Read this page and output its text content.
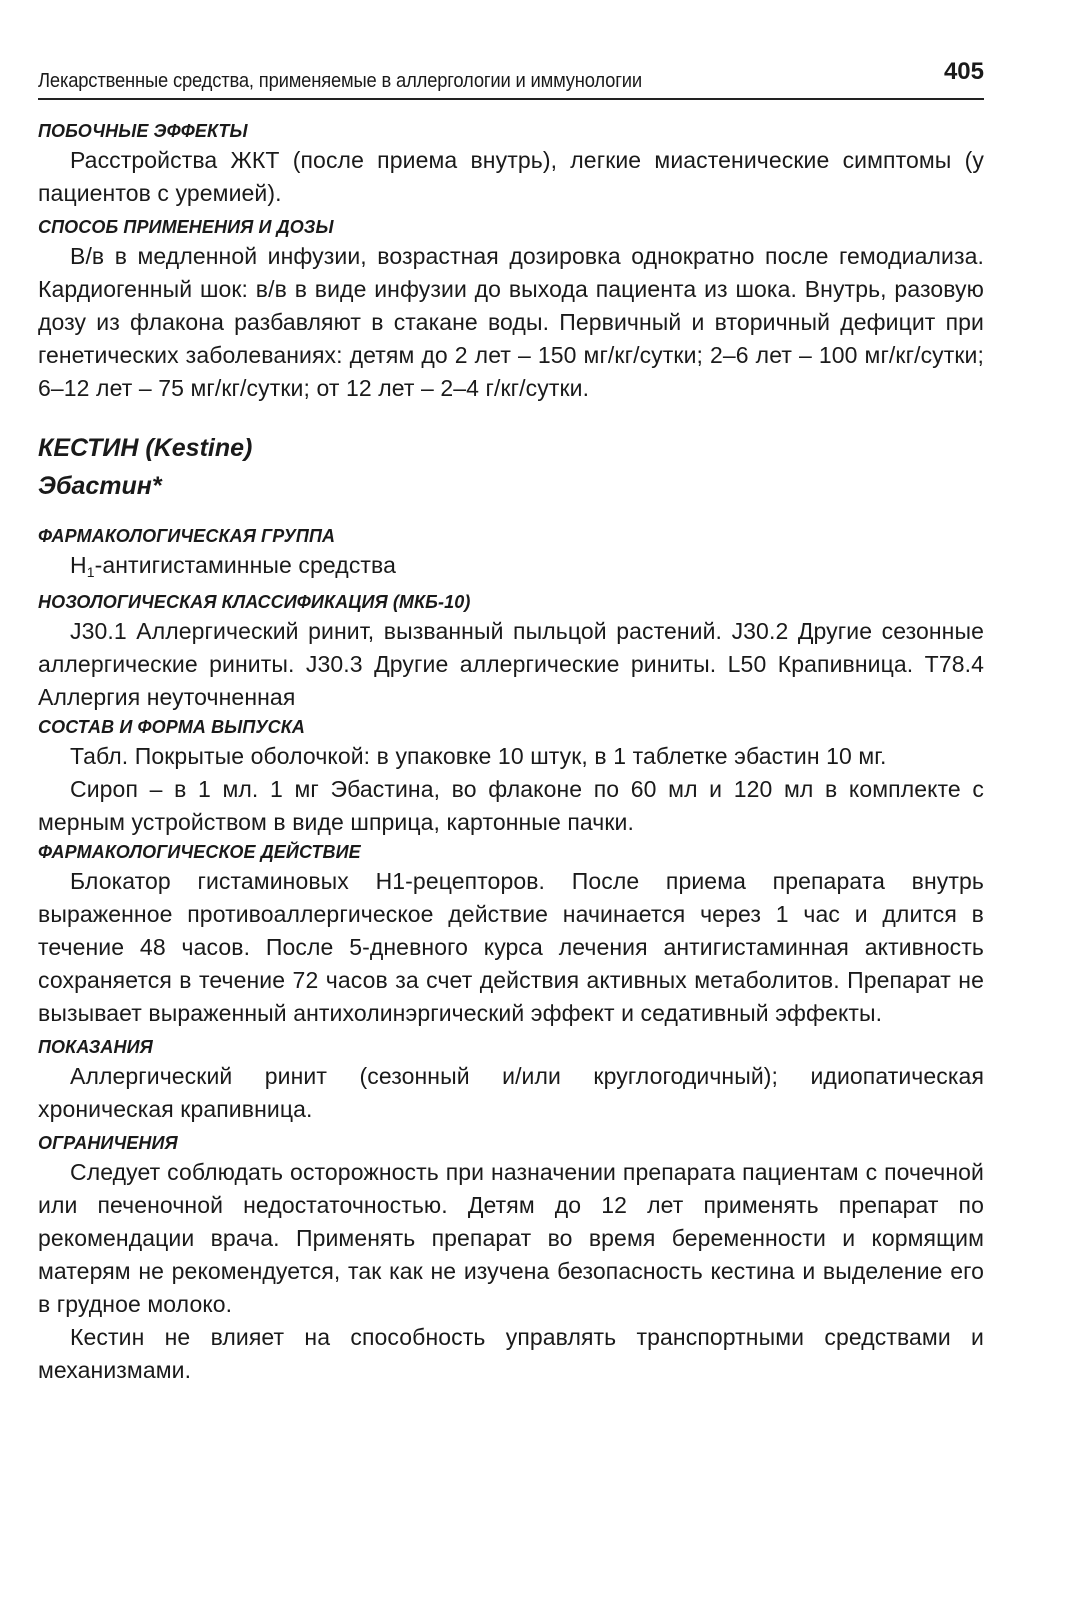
Лекарственные средства, применяемые в аллергологии и иммунологии	405
ПОБОЧНЫЕ ЭФФЕКТЫ

Расстройства ЖКТ (после приема внутрь), легкие миастенические симптомы (у пациентов с уремией).

СПОСОБ ПРИМЕНЕНИЯ И ДОЗЫ

В/в в медленной инфузии, возрастная дозировка однократно после гемодиализа. Кардиогенный шок: в/в в виде инфузии до выхода пациента из шока. Внутрь, разовую дозу из флакона разбавляют в стакане воды. Первичный и вторичный дефицит при генетических заболеваниях: детям до 2 лет – 150 мг/кг/сутки; 2–6 лет – 100 мг/кг/сутки; 6–12 лет – 75 мг/кг/сутки; от 12 лет – 2–4 г/кг/сутки.

КЕСТИН (Kestine)
Эбастин*
ФАРМАКОЛОГИЧЕСКАЯ ГРУППА

$H_1$-антигистаминные средства

НОЗОЛОГИЧЕСКАЯ КЛАССИФИКАЦИЯ (МКБ-10)

J30.1 Аллергический ринит, вызванный пыльцой растений. J30.2 Другие сезонные аллергические риниты. J30.3 Другие аллергические риниты. L50 Крапивница. T78.4 Аллергия неуточненная

СОСТАВ И ФОРМА ВЫПУСКА

Табл. Покрытые оболочкой: в упаковке 10 штук, в 1 таблетке эбастин 10 мг.

Сироп – в 1 мл. 1 мг Эбастина, во флаконе по 60 мл и 120 мл в комплекте с мерным устройством в виде шприца, картонные пачки.

ФАРМАКОЛОГИЧЕСКОЕ ДЕЙСТВИЕ

Блокатор гистаминовых Н1-рецепторов. После приема препарата внутрь выраженное противоаллергическое действие начинается через 1 час и длится в течение 48 часов. После 5-дневного курса лечения антигистаминная активность сохраняется в течение 72 часов за счет действия активных метаболитов. Препарат не вызывает выраженный антихолинэргический эффект и седативный эффекты.

ПОКАЗАНИЯ

Аллергический ринит (сезонный и/или круглогодичный); идиопатическая хроническая крапивница.

ОГРАНИЧЕНИЯ

Следует соблюдать осторожность при назначении препарата пациентам с почечной или печеночной недостаточностью. Детям до 12 лет применять препарат по рекомендации врача. Применять препарат во время беременности и кормящим матерям не рекомендуется, так как не изучена безопасность кестина и выделение его в грудное молоко.

Кестин не влияет на способность управлять транспортными средствами и механизмами.
